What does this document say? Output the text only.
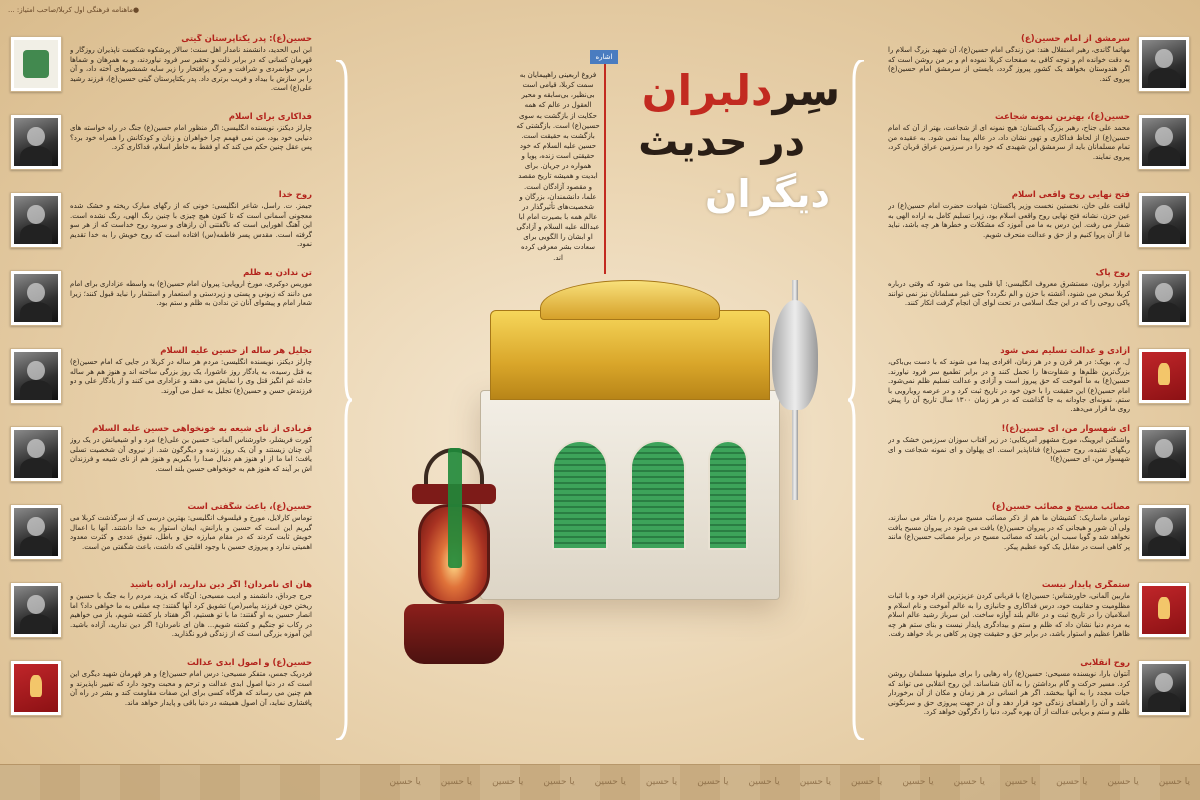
●ماهنامه فرهنگی اول کربلا/صاحب امتیاز: ...
سرمشق از امام حسین(ع)

مهاتما گاندی، رهبر استقلال هند: من زندگی امام حسین(ع)، آن شهید بزرگ اسلام را به دقت خوانده ام و توجه کافی به صفحات کربلا نموده ام و بر من روشن است که اگر هندوستان بخواهد یک کشور پیروز گردد، بایستی از سرمشق امام حسین(ع) پیروی کند.

حسین(ع)، بهترین نمونه شجاعت

محمد علی جناح، رهبر بزرگ پاکستان: هیچ نمونه ای از شجاعت، بهتر از آن که امام حسین(ع) از لحاظ فداکاری و تهور نشان داد، در عالم پیدا نمی شود. به عقیده من تمام مسلمانان باید از سرمشق این شهیدی که خود را در سرزمین عراق قربان کرد، پیروی نمایند.

فتح نهایی روح واقعی اسلام

لیاقت علی خان، نخستین نخست وزیر پاکستان: شهادت حضرت امام حسین(ع) در عین حزن، نشانه فتح نهایی روح واقعی اسلام بود، زیرا تسلیم کامل به اراده الهی به شمار می رفت. این درس به ما می آموزد که مشکلات و خطرها هر چه باشد، نباید ما از آن پروا کنیم و از حق و عدالت منحرف شویم.

روح پاک

ادوارد براون، مستشرق معروف انگلیسی: آیا قلبی پیدا می شود که وقتی درباره کربلا سخن می شنود، آغشته با حزن و الم نگردد؟ حتی غیر مسلمانان نیز نمی توانند پاکی روحی را که در این جنگ اسلامی در تحت لوای آن انجام گرفت انکار کنند.

آزادی و عدالت تسلیم نمی شود

ل. م. بویک: در هر قرن و در هر زمان، افرادی پیدا می شوند که با دست بی‌باکی، بزرگ‌ترین ظلم‌ها و شقاوت‌ها را تحمل کنند و در برابر تطمیع سر فرود نیاورند. حسین(ع) به ما آموخت که حق پیروز است و آزادی و عدالت تسلیم ظلم نمی‌شود. امام حسین(ع) این حقیقت را با خون خود در تاریخ ثبت کرد و در عرصه رویارویی با ستم، نمونه‌ای جاودانه به جا گذاشت که در هر زمان ۱۳۰۰ سال تاریخ آن را پیش روی ما قرار می‌دهد.

ای شهسوار من، ای حسین(ع)!

واشنگتن ایروینگ، مورخ مشهور آمریکایی: در زیر آفتاب سوزان سرزمین خشک و در ریگهای تفتیده، روح حسین(ع) فناناپذیر است. ای پهلوان و ای نمونه شجاعت و ای شهسوار من، ای حسین(ع)!

مصائب مسیح و مصائب حسین(ع)

توماس ماساریک: کشیشان ما هم از ذکر مصائب مسیح مردم را متأثر می سازند، ولی آن شور و هیجانی که در پیروان حسین(ع) یافت می شود در پیروان مسیح یافت نخواهد شد و گویا سبب این باشد که مصائب مسیح در برابر مصائب حسین(ع) مانند پر کاهی است در مقابل یک کوه عظیم پیکر.

ستمگری پایدار نیست

ماربین آلمانی، خاورشناس: حسین(ع) با قربانی کردن عزیزترین افراد خود و با اثبات مظلومیت و حقانیت خود، درس فداکاری و جانبازی را به عالم آموخت و نام اسلام و اسلامیان را در تاریخ ثبت و در عالم بلند آوازه ساخت. این سرباز رشید عالم اسلام به مردم دنیا نشان داد که ظلم و ستم و بیدادگری پایدار نیست و بنای ستم هر چه ظاهرا عظیم و استوار باشد، در برابر حق و حقیقت چون پر کاهی بر باد خواهد رفت.

روح انقلابی

آنتوان بارا، نویسنده مسیحی: حسین(ع) راه رهایی را برای میلیونها مسلمان روشن کرد. مسیر حرکت و گام برداشتن را به آنان شناساند. این روح انقلابی می تواند که حیات مجدد را به آنها ببخشد. اگر هر انسانی در هر زمان و مکان از آن برخوردار باشد و آن را راهنمای زندگی خود قرار دهد و آن در جهت پیروزی حق و سرنگونی ظلم و ستم و برپایی عدالت از آن بهره گیرد، دنیا را دگرگون خواهد کرد.

حسین(ع): پدر یکتاپرستان گیتی

ابن ابی الحدید، دانشمند نامدار اهل سنت: سالار پرشکوه شکست ناپذیران روزگار و قهرمان کسانی که در برابر ذلت و تحقیر سر فرود نیاوردند، و به همرهان و شماها درس جوانمردی و شرافت و مرگ پرافتخار را زیر سایه شمشیرهای آخته داد، و آن را بر سازش با بیداد و فریب برتری داد. پدر یکتاپرستان گیتی حسین(ع)، فرزند رشید علی(ع) است.

فداکاری برای اسلام

چارلز دیکنز، نویسنده انگلیسی: اگر منظور امام حسین(ع) جنگ در راه خواسته های دنیایی خود بود، من نمی فهمم چرا خواهران و زنان و کودکانش را همراه خود برد؟ پس عقل چنین حکم می کند که او فقط به خاطر اسلام، فداکاری کرد.

روح خدا

جیمز. ت. راسل، شاعر انگلیسی: خونی که از رگهای مبارک ریخته و خشک شده معجونی آسمانی است که تا کنون هیچ چیزی با چنین رنگ الهی، رنگ نشده است. این آهنگ اهورایی است که ناگفتنی آن رازهای و سرود روح خداست که از هر سو گرفته است. مقدس پسر فاطمه(س) افتاده است که روح خویش را به خدا تقدیم نمود.

تن ندادن به ظلم

موریس دوکبری، مورخ اروپایی: پیروان امام حسین(ع) به واسطه عزاداری برای امام می دانند که زبونی و پستی و زیردستی و استعمار و استثمار را نباید قبول کنند؛ زیرا شعار امام و پیشوای آنان تن ندادن به ظلم و ستم بود.

تجلیل هر ساله از حسین علیه السلام

چارلز دیکنز، نویسنده انگلیسی: مردم هر ساله در کربلا در جایی که امام حسین(ع) به قتل رسیده، به یادگار روز عاشورا، یک روز بزرگی ساخته اند و هنوز هم هر ساله حادثه غم انگیز قتل وی را نمایش می دهند و عزاداری می کنند و از یادگار علی و دو فرزندش حسن و حسین(ع) تجلیل به عمل می آورند.

فریادی از نای شیعه به خونخواهی حسین علیه السلام

کورت فریشلر، خاورشناس آلمانی: حسین بن علی(ع) مرد و او شیعیانش در یک روز آن چنان زیستند و آن یک روز، زنده و دیگرگون شد. از نیروی آن شخصیت تسلی یافت؛ اما ما از او هنوز هم دنبال صدا را بگیریم و هنوز هم از نای شیعه و فرزندان اش بر آیند که هنوز هم به خونخواهی حسین بلند است.

حسین(ع)، باعث شگفتی است

توماس کارلایل، مورخ و فیلسوف انگلیسی: بهترین درسی که از سرگذشت کربلا می گیریم این است که حسین و یارانش، ایمان استوار به خدا داشتند. آنها با اعمال خویش ثابت کردند که در مقام مبارزه حق و باطل، تفوق عددی و کثرت معدود اهمیتی ندارد و پیروزی حسین با وجود اقلیتی که داشت، باعث شگفتی من است.

هان ای نامردان! اگر دین ندارید، آزاده باشید

جرج جرداق، دانشمند و ادیب مسیحی: آن‌گاه که یزید، مردم را به جنگ با حسین و ریختن خون فرزند پیامبر(ص) تشویق کرد آنها گفتند: چه مبلغی به ما خواهی داد؟ اما انصار حسین به او گفتند: ما با تو هستیم، اگر هفتاد بار کشته شویم، باز می خواهیم در رکاب تو جنگیم و کشته شویم... هان ای نامردان! اگر دین ندارید، آزاده باشید. این آموزه بزرگی است که از زندگی فرو نگذارید.

حسین(ع) و اصول ابدی عدالت

فردریک جمس، متفکر مسیحی: درس امام حسین(ع) و هر قهرمان شهید دیگری این است که در دنیا اصول ابدی عدالت و ترحم و محبت وجود دارد که تغییر ناپذیرند و هم چنین می رساند که هرگاه کسی برای این صفات مقاومت کند و بشر در راه آن پافشاری نماید، آن اصول همیشه در دنیا باقی و پایدار خواهد ماند.

سِردلبران
در حدیث
دیگران
اشاره
فروغ اربعینی راهپیمایان به سمت کربلا، قیامی است بی‌نظیر، بی‌سابقه و محیر العقول در عالم که همه حکایت از بازگشت به سوی حسین(ع) است. بازگشتی که بازگشت به حقیقت است. حسین علیه السلام که خود حقیقتی است زنده، پویا و همواره در جریان. برای ابدیت و همیشه تاریخ مقصد و مقصود آزادگان است. علما، دانشمندان، بزرگان و شخصیت‌های تأثیرگذار در عالم همه با بصیرت امام ابا عبدالله علیه السلام و آزادگی او ابشان را الگویی برای سعادت بشر معرفی کرده اند.
یا حسینیا حسینیا حسینیا حسینیا حسینیا حسینیا حسینیا حسینیا حسینیا حسینیا حسینیا حسینیا حسینیا حسینیا حسینیا حسین
